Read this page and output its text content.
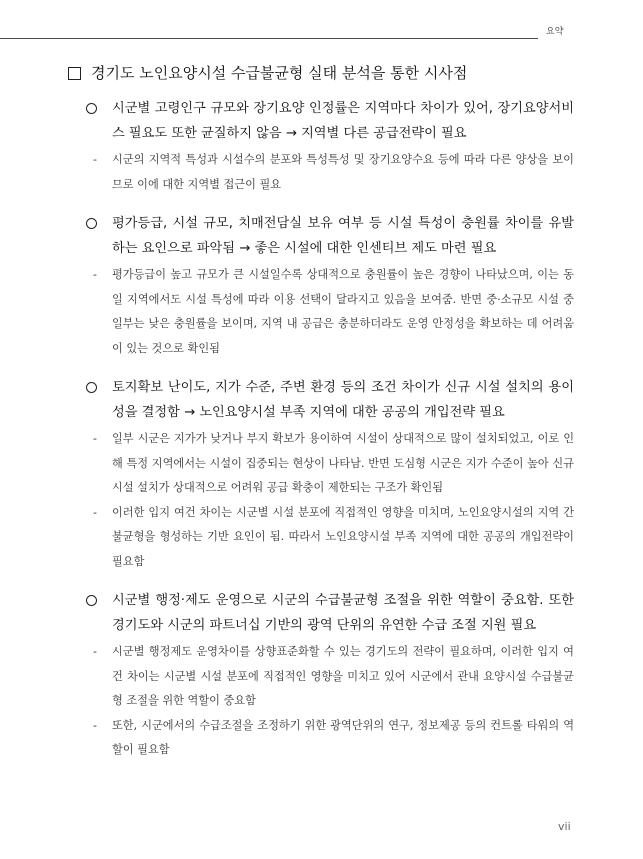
요약
경기도 노인요양시설 수급불균형 실태 분석을 통한 시사점

시군별 고령인구 규모와 장기요양 인정률은 지역마다 차이가 있어, 장기요양서비스 필요도 또한 균질하지 않음 → 지역별 다른 공급전략이 필요

-	시군의 지역적 특성과 시설수의 분포와 특성특성 및 장기요양수요 등에 따라 다른 양상을 보이므로 이에 대한 지역별 접근이 필요

평가등급, 시설 규모, 치매전담실 보유 여부 등 시설 특성이 충원률 차이를 유발하는 요인으로 파악됨 → 좋은 시설에 대한 인센티브 제도 마련 필요

-	평가등급이 높고 규모가 큰 시설일수록 상대적으로 충원률이 높은 경향이 나타났으며, 이는 동일 지역에서도 시설 특성에 따라 이용 선택이 달라지고 있음을 보여줌. 반면 중·소규모 시설 중 일부는 낮은 충원률을 보이며, 지역 내 공급은 충분하더라도 운영 안정성을 확보하는 데 어려움이 있는 것으로 확인됨

토지확보 난이도, 지가 수준, 주변 환경 등의 조건 차이가 신규 시설 설치의 용이성을 결정함 → 노인요양시설 부족 지역에 대한 공공의 개입전략 필요

-	일부 시군은 지가가 낮거나 부지 확보가 용이하여 시설이 상대적으로 많이 설치되었고, 이로 인해 특정 지역에서는 시설이 집중되는 현상이 나타남. 반면 도심형 시군은 지가 수준이 높아 신규 시설 설치가 상대적으로 어려워 공급 확충이 제한되는 구조가 확인됨

-	이러한 입지 여건 차이는 시군별 시설 분포에 직접적인 영향을 미치며, 노인요양시설의 지역 간 불균형을 형성하는 기반 요인이 됨. 따라서 노인요양시설 부족 지역에 대한 공공의 개입전략이 필요함

시군별 행정·제도 운영으로 시군의 수급불균형 조절을 위한 역할이 중요함. 또한 경기도와 시군의 파트너십 기반의 광역 단위의 유연한 수급 조절 지원 필요

-	시군별 행정제도 운영차이를 상향표준화할 수 있는 경기도의 전략이 필요하며, 이러한 입지 여건 차이는 시군별 시설 분포에 직접적인 영향을 미치고 있어 시군에서 관내 요양시설 수급불균형 조절을 위한 역할이 중요함

-	또한, 시군에서의 수급조절을 조정하기 위한 광역단위의 연구, 정보제공 등의 컨트롤 타워의 역할이 필요함

vii
